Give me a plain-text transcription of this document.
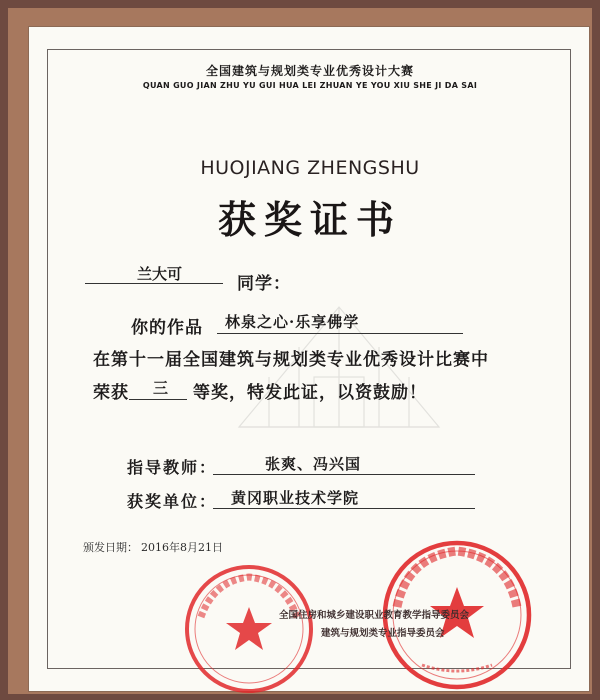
全国建筑与规划类专业优秀设计大赛
QUAN GUO JIAN ZHU YU GUI HUA LEI ZHUAN YE YOU XIU SHE JI DA SAI
HUOJIANG ZHENGSHU
获奖证书
兰大可	同学：
你的作品 林泉之心·乐享佛学
在第十一届全国建筑与规划类专业优秀设计比赛中
荣获 三 等奖，特发此证，以资鼓励！
指导教师：	张爽、冯兴国
获奖单位： 黄冈职业技术学院
颁发日期： 2016年8月21日
全国住房和城乡建设职业教育教学指导委员会
建筑与规划类专业指导委员会
